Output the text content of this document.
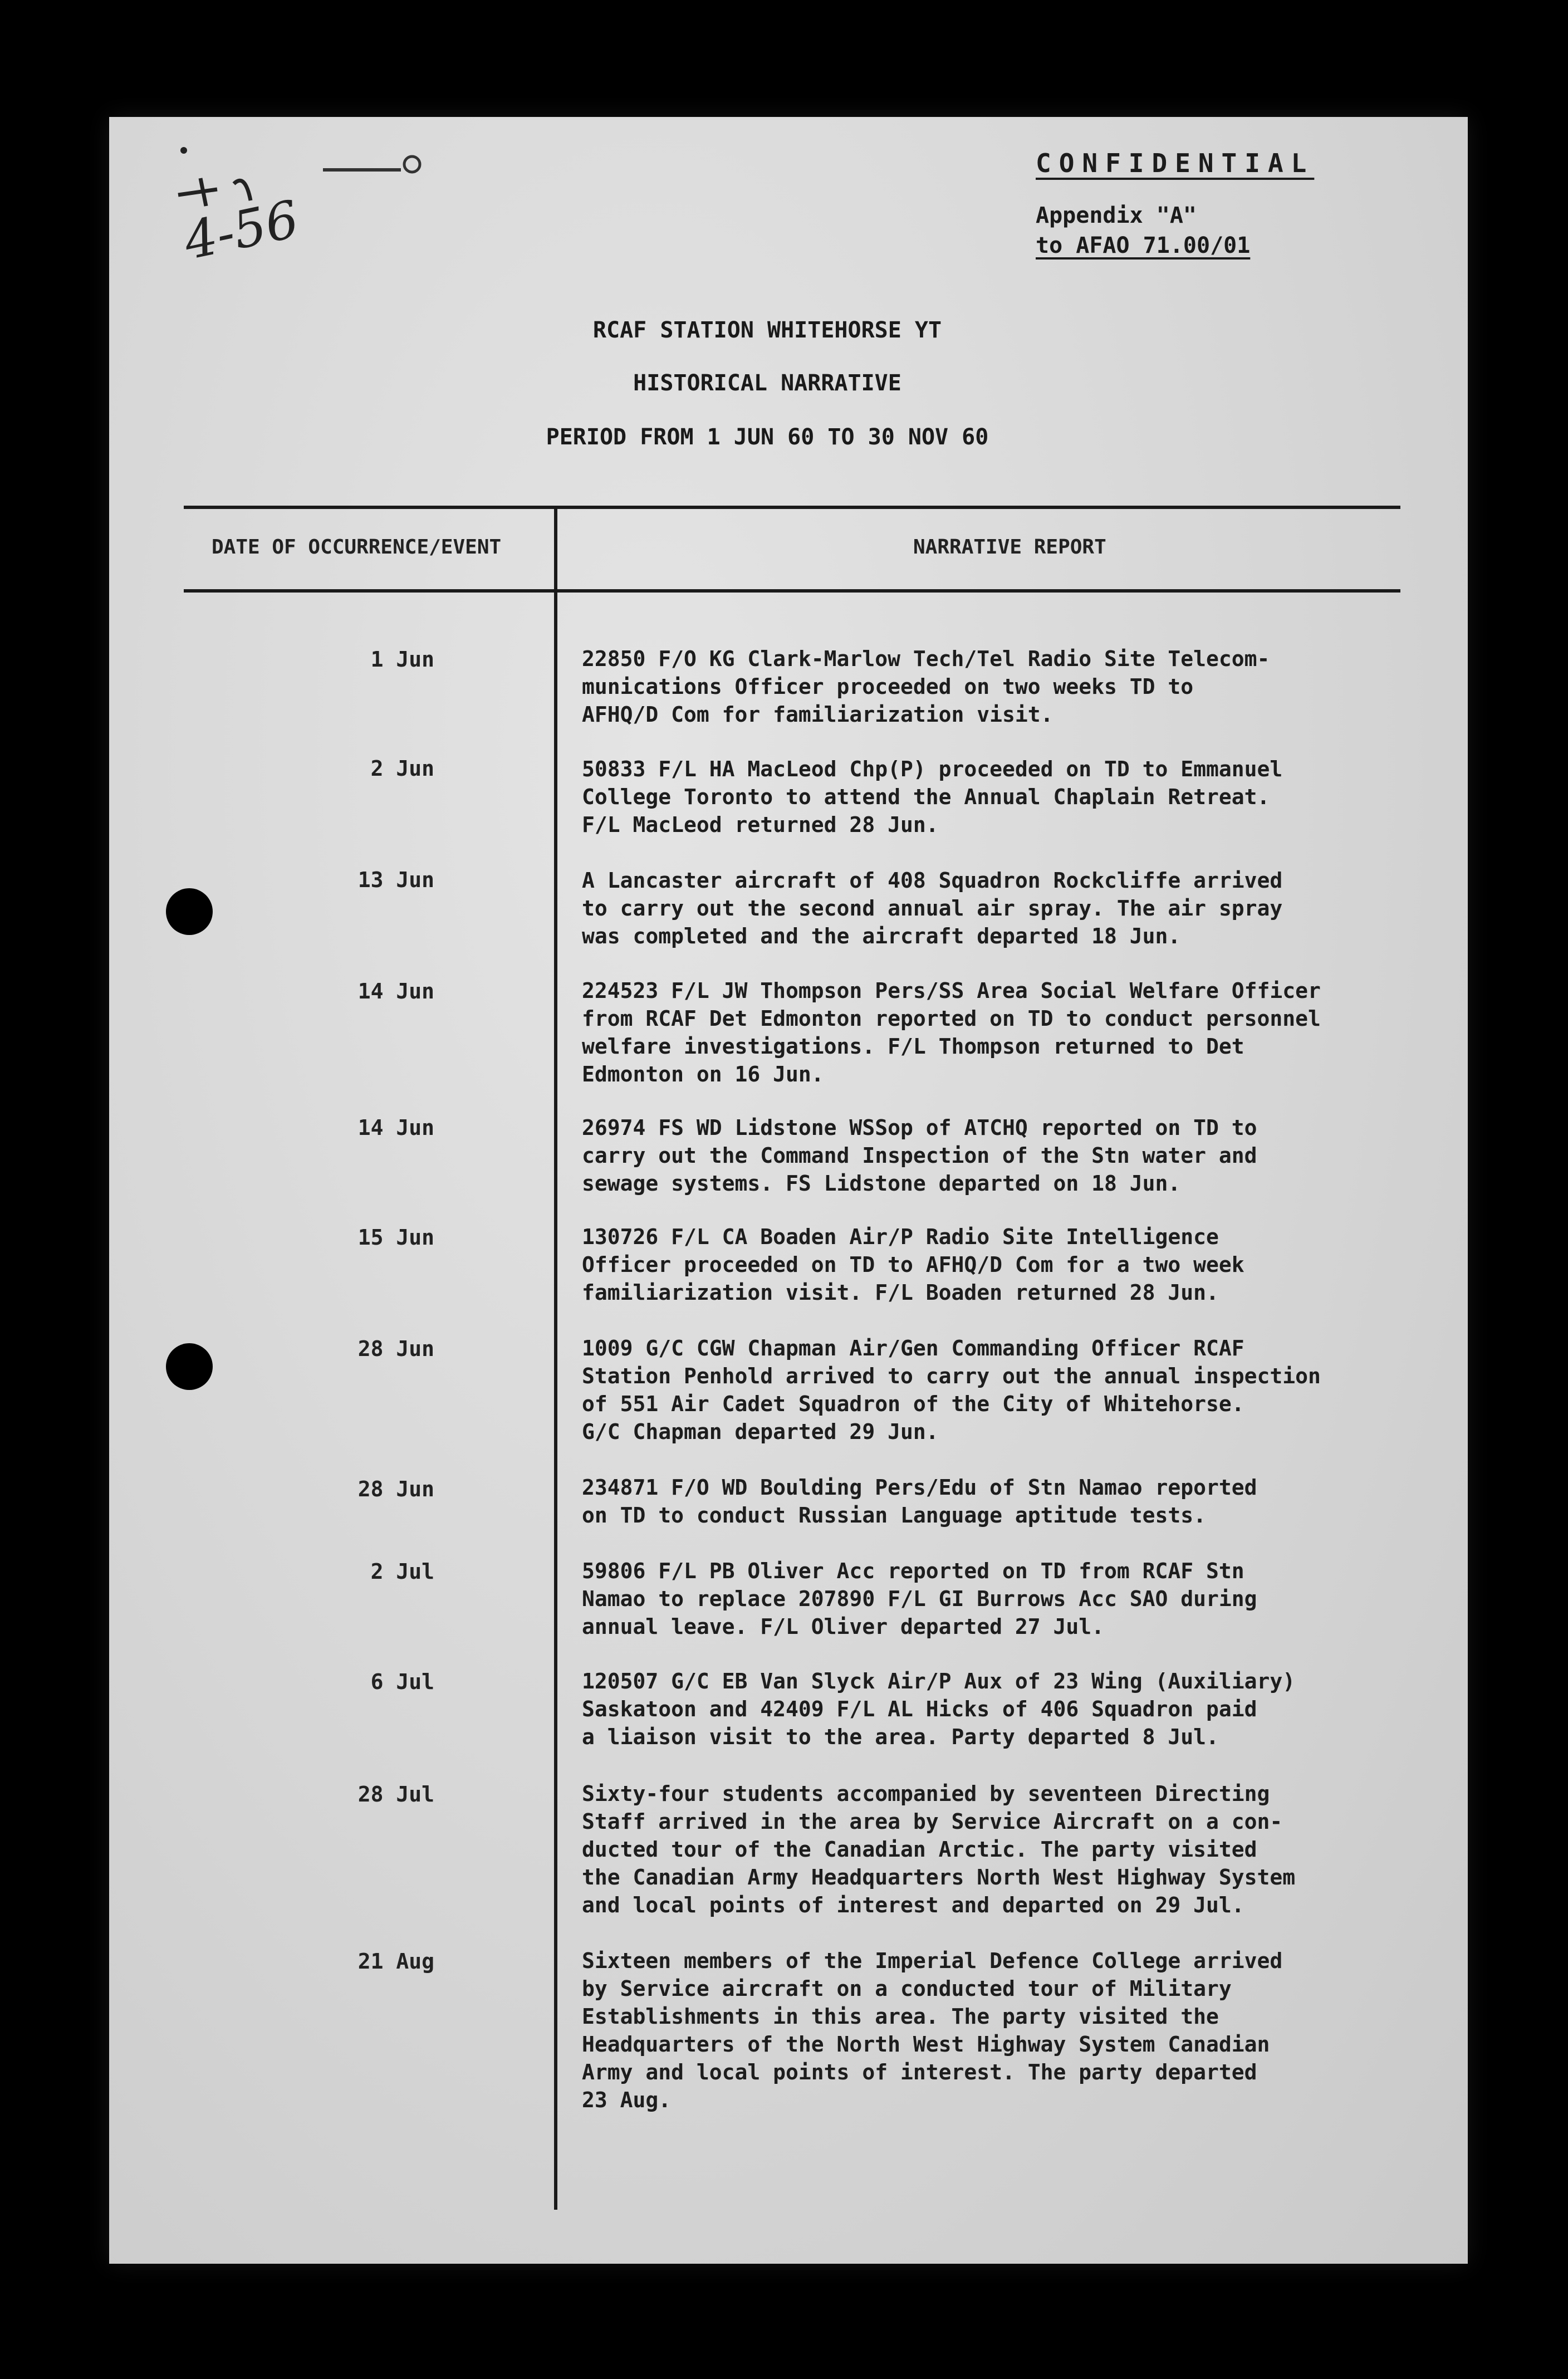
4-56
CONFIDENTIAL
Appendix "A"
to AFAO 71.00/01
RCAF STATION WHITEHORSE YT
HISTORICAL NARRATIVE
PERIOD FROM 1 JUN 60 TO 30 NOV 60
DATE OF OCCURRENCE/EVENT	NARRATIVE REPORT
1 Jun	22850 F/O KG Clark-Marlow Tech/Tel Radio Site Telecom-
munications Officer proceeded on two weeks TD to
AFHQ/D Com for familiarization visit.
2 Jun	50833 F/L HA MacLeod Chp(P) proceeded on TD to Emmanuel
College Toronto to attend the Annual Chaplain Retreat.
F/L MacLeod returned 28 Jun.
13 Jun	A Lancaster aircraft of 408 Squadron Rockcliffe arrived
to carry out the second annual air spray. The air spray
was completed and the aircraft departed 18 Jun.
14 Jun	224523 F/L JW Thompson Pers/SS Area Social Welfare Officer
from RCAF Det Edmonton reported on TD to conduct personnel
welfare investigations. F/L Thompson returned to Det
Edmonton on 16 Jun.
14 Jun	26974 FS WD Lidstone WSSop of ATCHQ reported on TD to
carry out the Command Inspection of the Stn water and
sewage systems. FS Lidstone departed on 18 Jun.
15 Jun	130726 F/L CA Boaden Air/P Radio Site Intelligence
Officer proceeded on TD to AFHQ/D Com for a two week
familiarization visit. F/L Boaden returned 28 Jun.
28 Jun	1009 G/C CGW Chapman Air/Gen Commanding Officer RCAF
Station Penhold arrived to carry out the annual inspection
of 551 Air Cadet Squadron of the City of Whitehorse.
G/C Chapman departed 29 Jun.
28 Jun	234871 F/O WD Boulding Pers/Edu of Stn Namao reported
on TD to conduct Russian Language aptitude tests.
2 Jul	59806 F/L PB Oliver Acc reported on TD from RCAF Stn
Namao to replace 207890 F/L GI Burrows Acc SAO during
annual leave. F/L Oliver departed 27 Jul.
6 Jul	120507 G/C EB Van Slyck Air/P Aux of 23 Wing (Auxiliary)
Saskatoon and 42409 F/L AL Hicks of 406 Squadron paid
a liaison visit to the area. Party departed 8 Jul.
28 Jul	Sixty-four students accompanied by seventeen Directing
Staff arrived in the area by Service Aircraft on a con-
ducted tour of the Canadian Arctic. The party visited
the Canadian Army Headquarters North West Highway System
and local points of interest and departed on 29 Jul.
21 Aug	Sixteen members of the Imperial Defence College arrived
by Service aircraft on a conducted tour of Military
Establishments in this area. The party visited the
Headquarters of the North West Highway System Canadian
Army and local points of interest. The party departed
23 Aug.
